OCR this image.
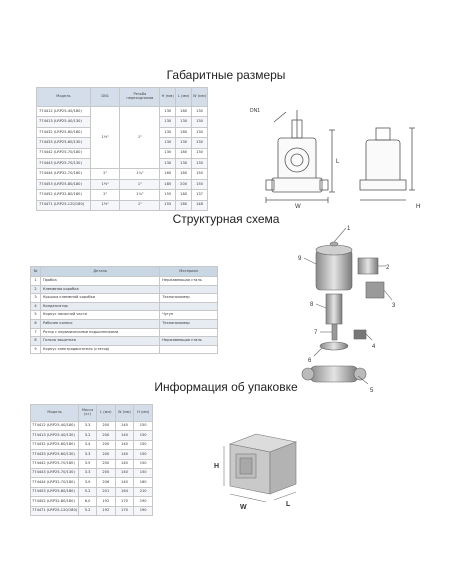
Габаритные размеры
Структурная схема
Информация об упаковке
Модель	DN1	Резьба переходников	H (мм)	L (мм)	W (мм)
774412 (LRP25-40/180)	1½"	1"	130	180	130
774413 (LRP25-40/130)			130	130	130
774432 (LRP25-60/180)			130	180	130
774433 (LRP25-60/130)			130	130	130
774442 (LRP25-70/180)			130	180	130
774443 (LRP25-70/130)			130	130	130
774444 (LRP32-70/180)	2"	1¼"	160	180	150
774453 (LRP25-80/180)	1½"	1"	185	200	150
774452 (LRP32-80/180)	2"	1¼"	155	180	137
774471 (LRP25-120/180)	1½"	1"	155	180	148
DN1
L
W	H
№	Деталь	Материал
1	Пробка	Нержавеющая сталь
2	Клеммная коробка	
3	Крышка клеммной коробки	Технополимер
4	Конденсатор	
5	Корпус насосной части	Чугун
6	Рабочее колесо	Технополимер
7	Ротор с керамическими подшипниками	
8	Гильза защитная	Нержавеющая сталь
9	Корпус электродвигателя (статор)	
1
2
3
4
5
6
7
8
9
Модель	Масса (кг)	L (мм)	W (мм)	H (мм)
774412 (LRP25-40/180)	3.3	200	140	150
774413 (LRP25-40/130)	3.2	200	140	150
774432 (LRP25-60/180)	3.4	200	140	150
774433 (LRP25-60/130)	3.3	200	140	150
774442 (LRP25-70/180)	3.5	200	140	150
774443 (LRP25-70/130)	3.3	200	140	150
774444 (LRP32-70/180)	3.9	206	140	160
774453 (LRP25-80/180)	5.2	201	164	210
774452 (LRP32-80/180)	6.0	192	170	190
774471 (LRP25-120/180)	5.2	192	170	190
H
W	L
